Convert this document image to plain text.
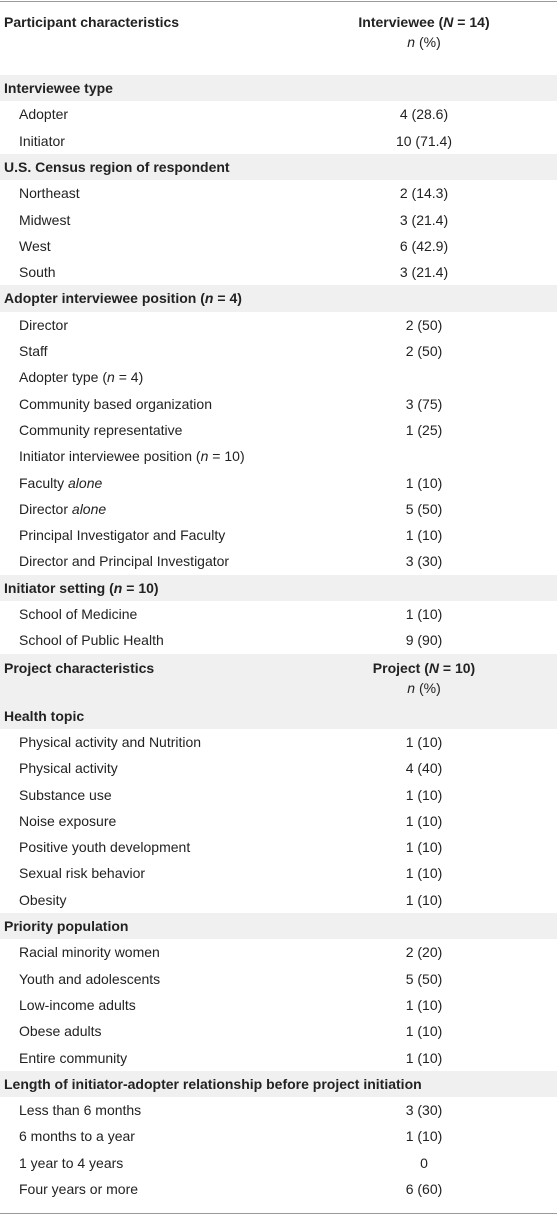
Participant characteristics	Interviewee (N = 14)
n (%)
Interviewee type
Adopter	4 (28.6)
Initiator	10 (71.4)
U.S. Census region of respondent
Northeast	2 (14.3)
Midwest	3 (21.4)
West	6 (42.9)
South	3 (21.4)
Adopter interviewee position (n = 4)
Director	2 (50)
Staff	2 (50)
Adopter type (n = 4)
Community based organization	3 (75)
Community representative	1 (25)
Initiator interviewee position (n = 10)
Faculty alone	1 (10)
Director alone	5 (50)
Principal Investigator and Faculty	1 (10)
Director and Principal Investigator	3 (30)
Initiator setting (n = 10)
School of Medicine	1 (10)
School of Public Health	9 (90)
Project characteristics	Project (N = 10)
n (%)
Health topic
Physical activity and Nutrition	1 (10)
Physical activity	4 (40)
Substance use	1 (10)
Noise exposure	1 (10)
Positive youth development	1 (10)
Sexual risk behavior	1 (10)
Obesity	1 (10)
Priority population
Racial minority women	2 (20)
Youth and adolescents	5 (50)
Low-income adults	1 (10)
Obese adults	1 (10)
Entire community	1 (10)
Length of initiator-adopter relationship before project initiation
Less than 6 months	3 (30)
6 months to a year	1 (10)
1 year to 4 years	0
Four years or more	6 (60)
